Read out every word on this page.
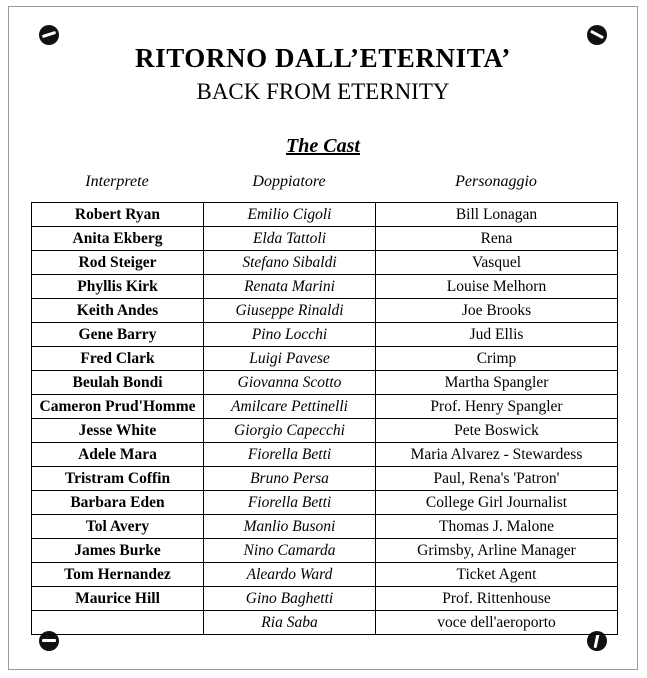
RITORNO DALL’ETERNITA’
BACK FROM ETERNITY
The Cast
Interprete	Doppiatore	Personaggio
Robert Ryan	Emilio Cigoli	Bill Lonagan
Anita Ekberg	Elda Tattoli	Rena
Rod Steiger	Stefano Sibaldi	Vasquel
Phyllis Kirk	Renata Marini	Louise Melhorn
Keith Andes	Giuseppe Rinaldi	Joe Brooks
Gene Barry	Pino Locchi	Jud Ellis
Fred Clark	Luigi Pavese	Crimp
Beulah Bondi	Giovanna Scotto	Martha Spangler
Cameron Prud'Homme	Amilcare Pettinelli	Prof. Henry Spangler
Jesse White	Giorgio Capecchi	Pete Boswick
Adele Mara	Fiorella Betti	Maria Alvarez - Stewardess
Tristram Coffin	Bruno Persa	Paul, Rena's 'Patron'
Barbara Eden	Fiorella Betti	College Girl Journalist
Tol Avery	Manlio Busoni	Thomas J. Malone
James Burke	Nino Camarda	Grimsby, Arline Manager
Tom Hernandez	Aleardo Ward	Ticket Agent
Maurice Hill	Gino Baghetti	Prof. Rittenhouse
	Ria Saba	voce dell'aeroporto
